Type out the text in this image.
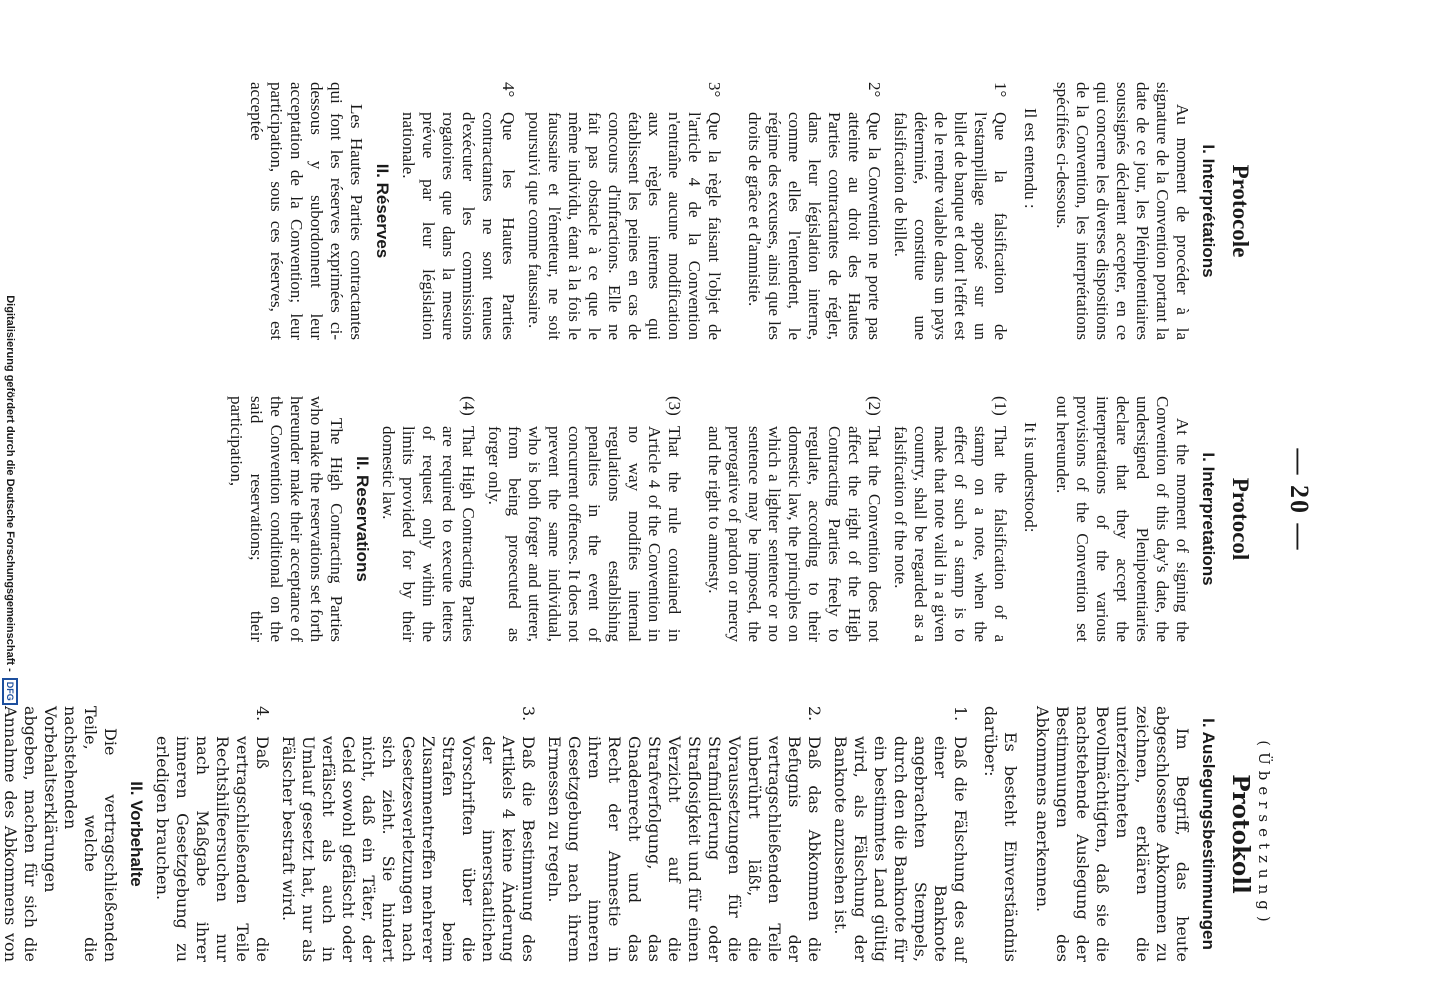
— 20 —
Protocole
I. Interprétations

Au moment de procéder à la signature de la Convention portant la date de ce jour, les Plénipotentiaires soussignés déclarent accepter, en ce qui concerne les diverses dispositions de la Convention, les interprétations spécifiées ci-dessous.

Il est entendu :

1°
Que la falsification de l'estampillage apposé sur un billet de banque et dont l'effet est de le rendre valable dans un pays déterminé, constitue une falsification de billet.
2°
Que la Convention ne porte pas atteinte au droit des Hautes Parties contractantes de régler, dans leur législation interne, comme elles l'entendent, le régime des excuses, ainsi que les droits de grâce et d'amnistie.
3°
Que la règle faisant l'objet de l'article 4 de la Convention n'entraîne aucune modification aux règles internes qui établissent les peines en cas de concours d'infractions. Elle ne fait pas obstacle à ce que le même individu, étant à la fois le faussaire et l'émetteur, ne soit poursuivi que comme faussaire.
4°
Que les Hautes Parties contractantes ne sont tenues d'exécuter les commissions rogatoires que dans la mesure prévue par leur législation nationale.
II. Réserves

Les Hautes Parties contractantes qui font les réserves exprimées ci-dessous y subordonnent leur acceptation de la Convention; leur participation, sous ces réserves, est acceptée

Protocol
I. Interpretations

At the moment of signing the Convention of this day's date, the undersigned Plenipotentiaries declare that they accept the interpretations of the various provisions of the Convention set out hereunder.

It is understood:

(1)
That the falsification of a stamp on a note, when the effect of such a stamp is to make that note valid in a given country, shall be regarded as a falsification of the note.
(2)
That the Convention does not affect the right of the High Contracting Parties freely to regulate, according to their domestic law, the principles on which a lighter sentence or no sentence may be imposed, the prerogative of pardon or mercy and the right to amnesty.
(3)
That the rule contained in Article 4 of the Convention in no way modifies internal regulations establishing penalties in the event of concurrent offences. It does not prevent the same individual, who is both forger and utterer, from being prosecuted as forger only.
(4)
That High Contracting Parties are required to execute letters of request only within the limits provided for by their domestic law.
II. Reservations

The High Contracting Parties who make the reservations set forth hereunder make their acceptance of the Convention conditional on the said reservations; their participation,

(Übersetzung)
Protokoll
I. Auslegungsbestimmungen

Im Begriff, das heute abgeschlossene Abkommen zu zeichnen, erklären die unterzeichneten Bevollmächtigten, daß sie die nachstehende Auslegung der Bestimmungen des Abkommens anerkennen.

Es besteht Einverständnis darüber:

1.
Daß die Fälschung des auf einer Banknote angebrachten Stempels, durch den die Banknote für ein bestimmtes Land gültig wird, als Fälschung der Banknote anzusehen ist.
2.
Daß das Abkommen die Befugnis der vertragschließenden Teile unberührt läßt, die Voraussetzungen für die Strafmilderung oder Straflosigkeit und für einen Verzicht auf die Strafverfolgung, das Gnadenrecht und das Recht der Amnestie in ihren inneren Gesetzgebung nach ihrem Ermessen zu regeln.
3.
Daß die Bestimmung des Artikels 4 keine Änderung der innerstaatlichen Vorschriften über die Strafen beim Zusammentreffen mehrerer Gesetzesverletzungen nach sich zieht. Sie hindert nicht, daß ein Täter, der Geld sowohl gefälscht oder verfälscht als auch in Umlauf gesetzt hat, nur als Fälscher bestraft wird.
4.
Daß die vertragschließenden Teile Rechtshilfeersuchen nur nach Maßgabe ihrer inneren Gesetzgebung zu erledigen brauchen.
II. Vorbehalte

Die vertragschließenden Teile, welche die nachstehenden Vorbehaltserklärungen abgeben, machen für sich die Annahme des Abkommens von

Digitalisierung gefördert durch die Deutsche Forschungsgemeinschaft -
DFG
